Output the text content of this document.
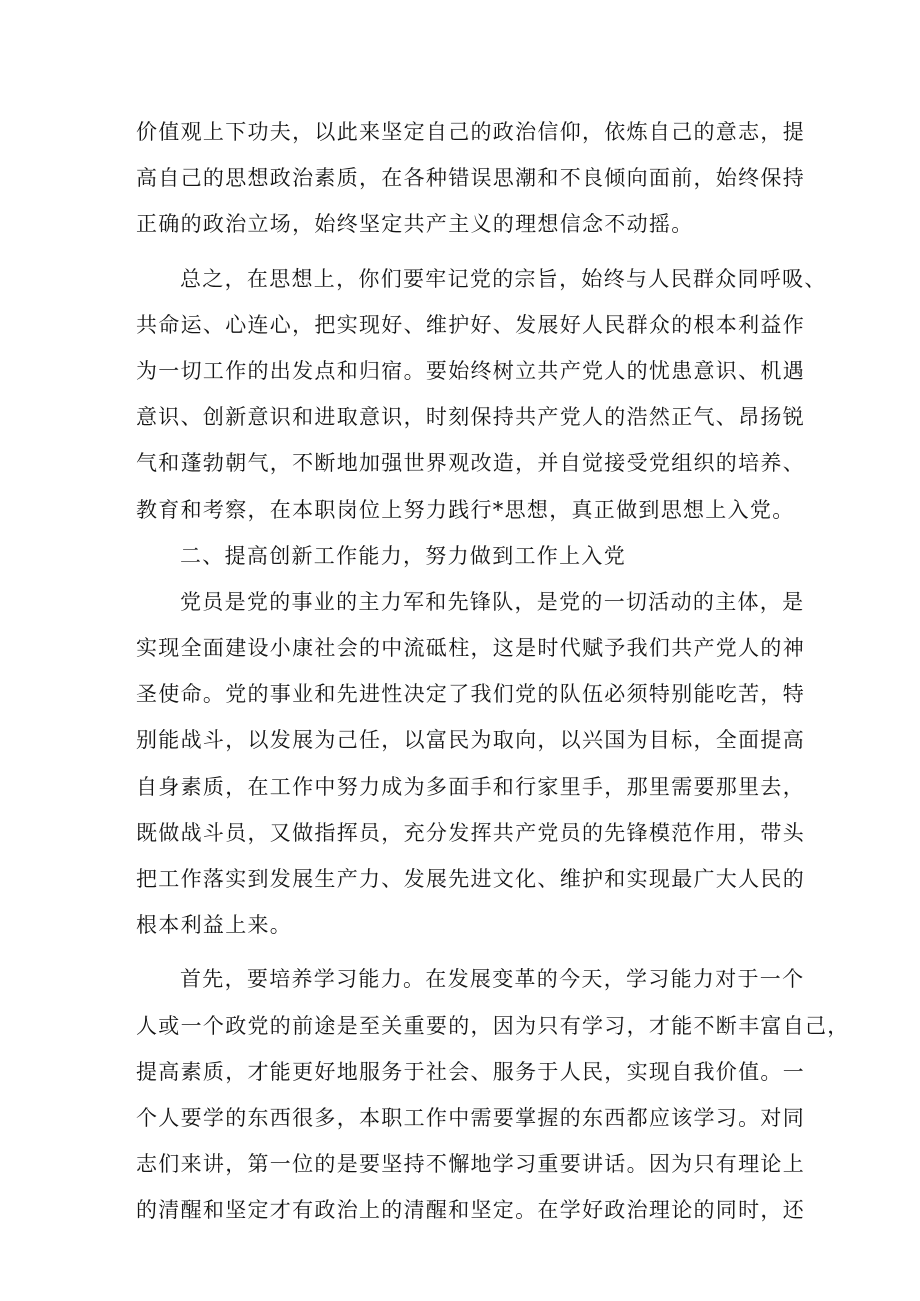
价值观上下功夫，以此来坚定自己的政治信仰，依炼自己的意志，提
高自己的思想政治素质，在各种错误思潮和不良倾向面前，始终保持
正确的政治立场，始终坚定共产主义的理想信念不动摇。
总之，在思想上，你们要牢记党的宗旨，始终与人民群众同呼吸、
共命运、心连心，把实现好、维护好、发展好人民群众的根本利益作
为一切工作的出发点和归宿。要始终树立共产党人的忧患意识、机遇
意识、创新意识和进取意识，时刻保持共产党人的浩然正气、昂扬锐
气和蓬勃朝气，不断地加强世界观改造，并自觉接受党组织的培养、
教育和考察，在本职岗位上努力践行*思想，真正做到思想上入党。
二、提高创新工作能力，努力做到工作上入党
党员是党的事业的主力军和先锋队，是党的一切活动的主体，是
实现全面建设小康社会的中流砥柱，这是时代赋予我们共产党人的神
圣使命。党的事业和先进性决定了我们党的队伍必须特别能吃苦，特
别能战斗，以发展为己任，以富民为取向，以兴国为目标，全面提高
自身素质，在工作中努力成为多面手和行家里手，那里需要那里去，
既做战斗员，又做指挥员，充分发挥共产党员的先锋模范作用，带头
把工作落实到发展生产力、发展先进文化、维护和实现最广大人民的
根本利益上来。
首先，要培养学习能力。在发展变革的今天，学习能力对于一个
人或一个政党的前途是至关重要的，因为只有学习，才能不断丰富自己，
提高素质，才能更好地服务于社会、服务于人民，实现自我价值。一
个人要学的东西很多，本职工作中需要掌握的东西都应该学习。对同
志们来讲，第一位的是要坚持不懈地学习重要讲话。因为只有理论上
的清醒和坚定才有政治上的清醒和坚定。在学好政治理论的同时，还
